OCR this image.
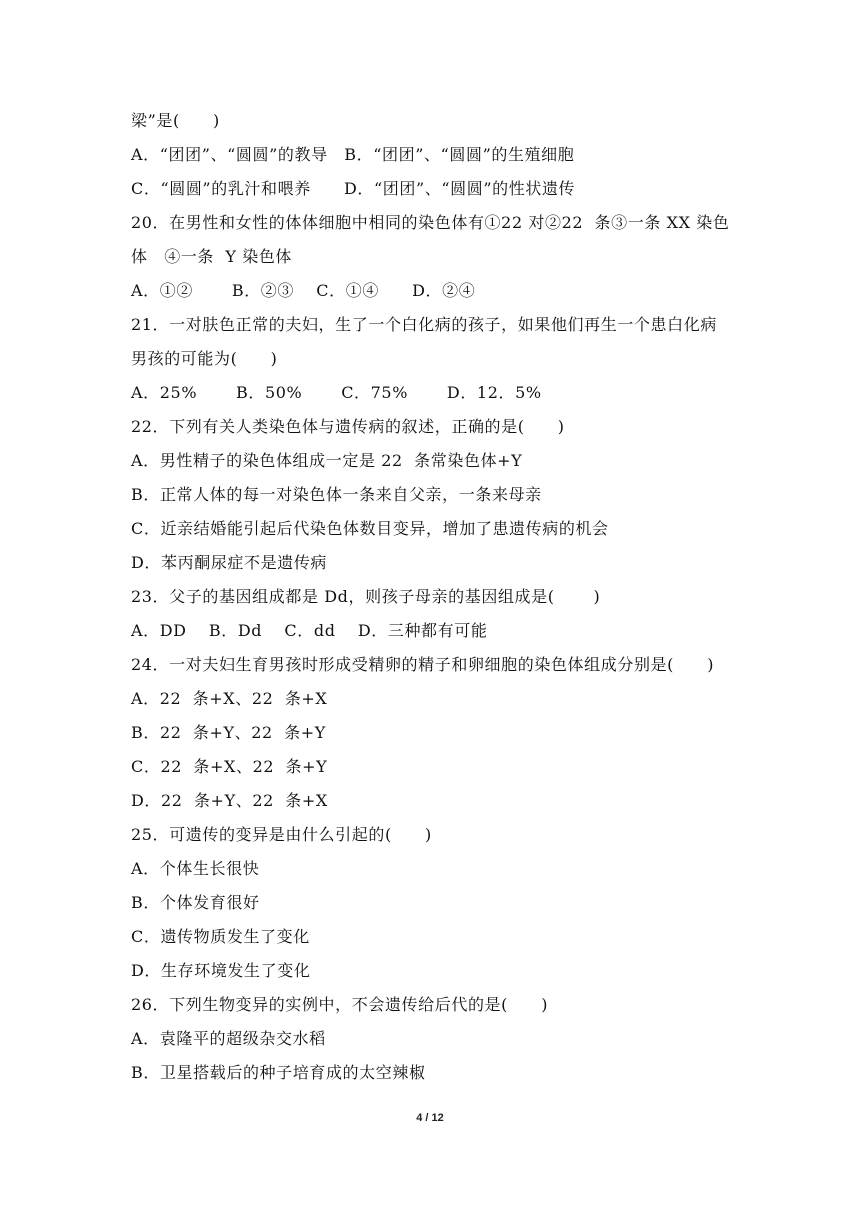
梁”是(　　)
A．“团团”、“圆圆”的教导　B．“团团”、“圆圆”的生殖细胞
C．“圆圆”的乳汁和喂养　　D．“团团”、“圆圆”的性状遗传
20．在男性和女性的体体细胞中相同的染色体有①22 对②22  条③一条 XX 染色
体　④一条  Y 染色体
A．①②　　 B．②③　 C．①④　　D．②④
21．一对肤色正常的夫妇，生了一个白化病的孩子，如果他们再生一个患白化病
男孩的可能为(　　)
A．25%　　 B．50%　　 C．75%　　 D．12．5%
22．下列有关人类染色体与遗传病的叙述，正确的是(　　)
A．男性精子的染色体组成一定是 22  条常染色体+Y
B．正常人体的每一对染色体一条来自父亲，一条来母亲
C．近亲结婚能引起后代染色体数目变异，增加了患遗传病的机会
D．苯丙酮尿症不是遗传病
23．父子的基因组成都是 Dd，则孩子母亲的基因组成是(　　 )
A．DD　 B．Dd　 C．dd　 D．三种都有可能
24．一对夫妇生育男孩时形成受精卵的精子和卵细胞的染色体组成分别是(　　)
A．22  条+X、22  条+X
B．22  条+Y、22  条+Y
C．22  条+X、22  条+Y
D．22  条+Y、22  条+X
25．可遗传的变异是由什么引起的(　　)
A．个体生长很快
B．个体发育很好
C．遗传物质发生了变化
D．生存环境发生了变化
26．下列生物变异的实例中，不会遗传给后代的是(　　)
A．袁隆平的超级杂交水稻
B．卫星搭载后的种子培育成的太空辣椒
4 / 12
